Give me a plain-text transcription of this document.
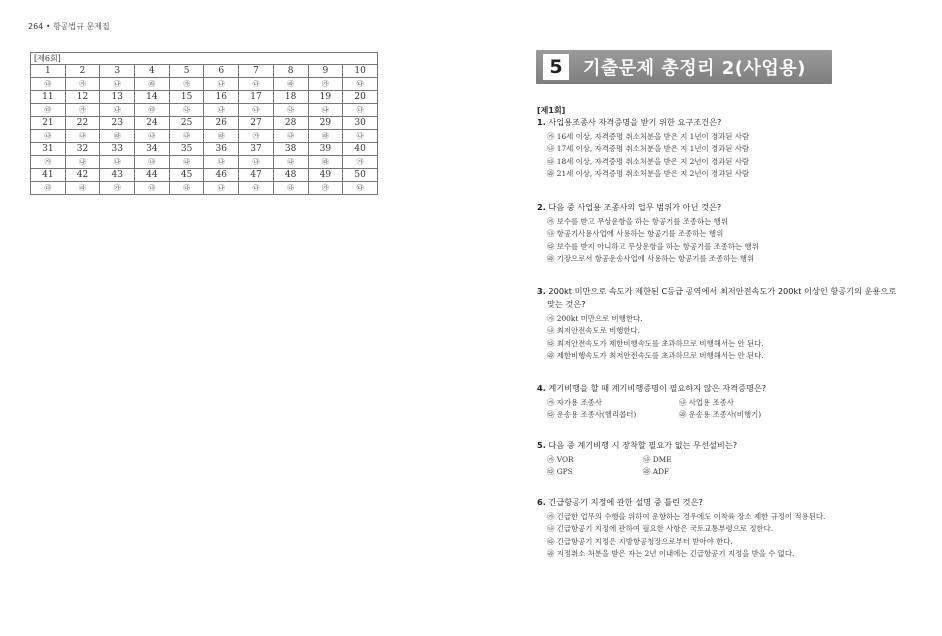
264 • 항공법규 문제집
[제6회]									
1	2	3	4	5	6	7	8	9	10
㉯	㉮	㉯	㉱	㉮	㉯	㉯	㉱	㉮	㉯
11	12	13	14	15	16	17	18	19	20
㉰	㉮	㉯	㉰	㉯	㉯	㉯	㉯	㉯	㉯
21	22	23	24	25	26	27	28	29	30
㉯	㉯	㉱	㉯	㉯	㉱	㉮	㉯	㉱	㉯
31	32	33	34	35	36	37	38	39	40
㉮	㉯	㉯	㉯	㉯	㉯	㉯	㉯	㉱	㉮
41	42	43	44	45	46	47	48	49	50
㉰	㉱	㉮	㉯	㉯	㉯	㉯	㉯	㉮	㉯
5	기출문제 총정리 2(사업용)
[제1회]
1. 사업용조종사 자격증명을 받기 위한 요구조건은?
㉮ 16세 이상, 자격증명 취소처분을 받은 지 1년이 경과된 사람
㉯ 17세 이상, 자격증명 취소처분을 받은 지 1년이 경과된 사람
㉰ 18세 이상, 자격증명 취소처분을 받은 지 2년이 경과된 사람
㉱ 21세 이상, 자격증명 취소처분을 받은 지 2년이 경과된 사람
2. 다음 중 사업용 조종사의 업무 범위가 아닌 것은?
㉮ 보수를 받고 무상운항을 하는 항공기를 조종하는 행위
㉯ 항공기사용사업에 사용하는 항공기를 조종하는 행위
㉰ 보수를 받지 아니하고 무상운항을 하는 항공기를 조종하는 행위
㉱ 기장으로서 항공운송사업에 사용하는 항공기를 조종하는 행위
3. 200kt 미만으로 속도가 제한된 C등급 공역에서 최저안전속도가 200kt 이상인 항공기의 운용으로
맞는 것은?
㉮ 200kt 미만으로 비행한다.
㉯ 최저안전속도로 비행한다.
㉰ 최저안전속도가 제한비행속도를 초과하므로 비행해서는 안 된다.
㉱ 제한비행속도가 최저안전속도를 초과하므로 비행해서는 안 된다.
4. 계기비행을 할 때 계기비행증명이 필요하지 않은 자격증명은?
㉮ 자가용 조종사	㉯ 사업용 조종사
㉰ 운송용 조종사(헬리콥터)	㉱ 운송용 조종사(비행기)
5. 다음 중 계기비행 시 장착할 필요가 없는 무선설비는?
㉮ VOR	㉯ DME
㉰ GPS	㉱ ADF
6. 긴급항공기 지정에 관한 설명 중 틀린 것은?
㉮ 긴급한 업무의 수행을 위하여 운항하는 경우에도 이착륙 장소 제한 규정이 적용된다.
㉯ 긴급항공기 지정에 관하여 필요한 사항은 국토교통부령으로 정한다.
㉰ 긴급항공기 지정은 지방항공청장으로부터 받아야 한다.
㉱ 지정취소 처분을 받은 자는 2년 이내에는 긴급항공기 지정을 받을 수 없다.
